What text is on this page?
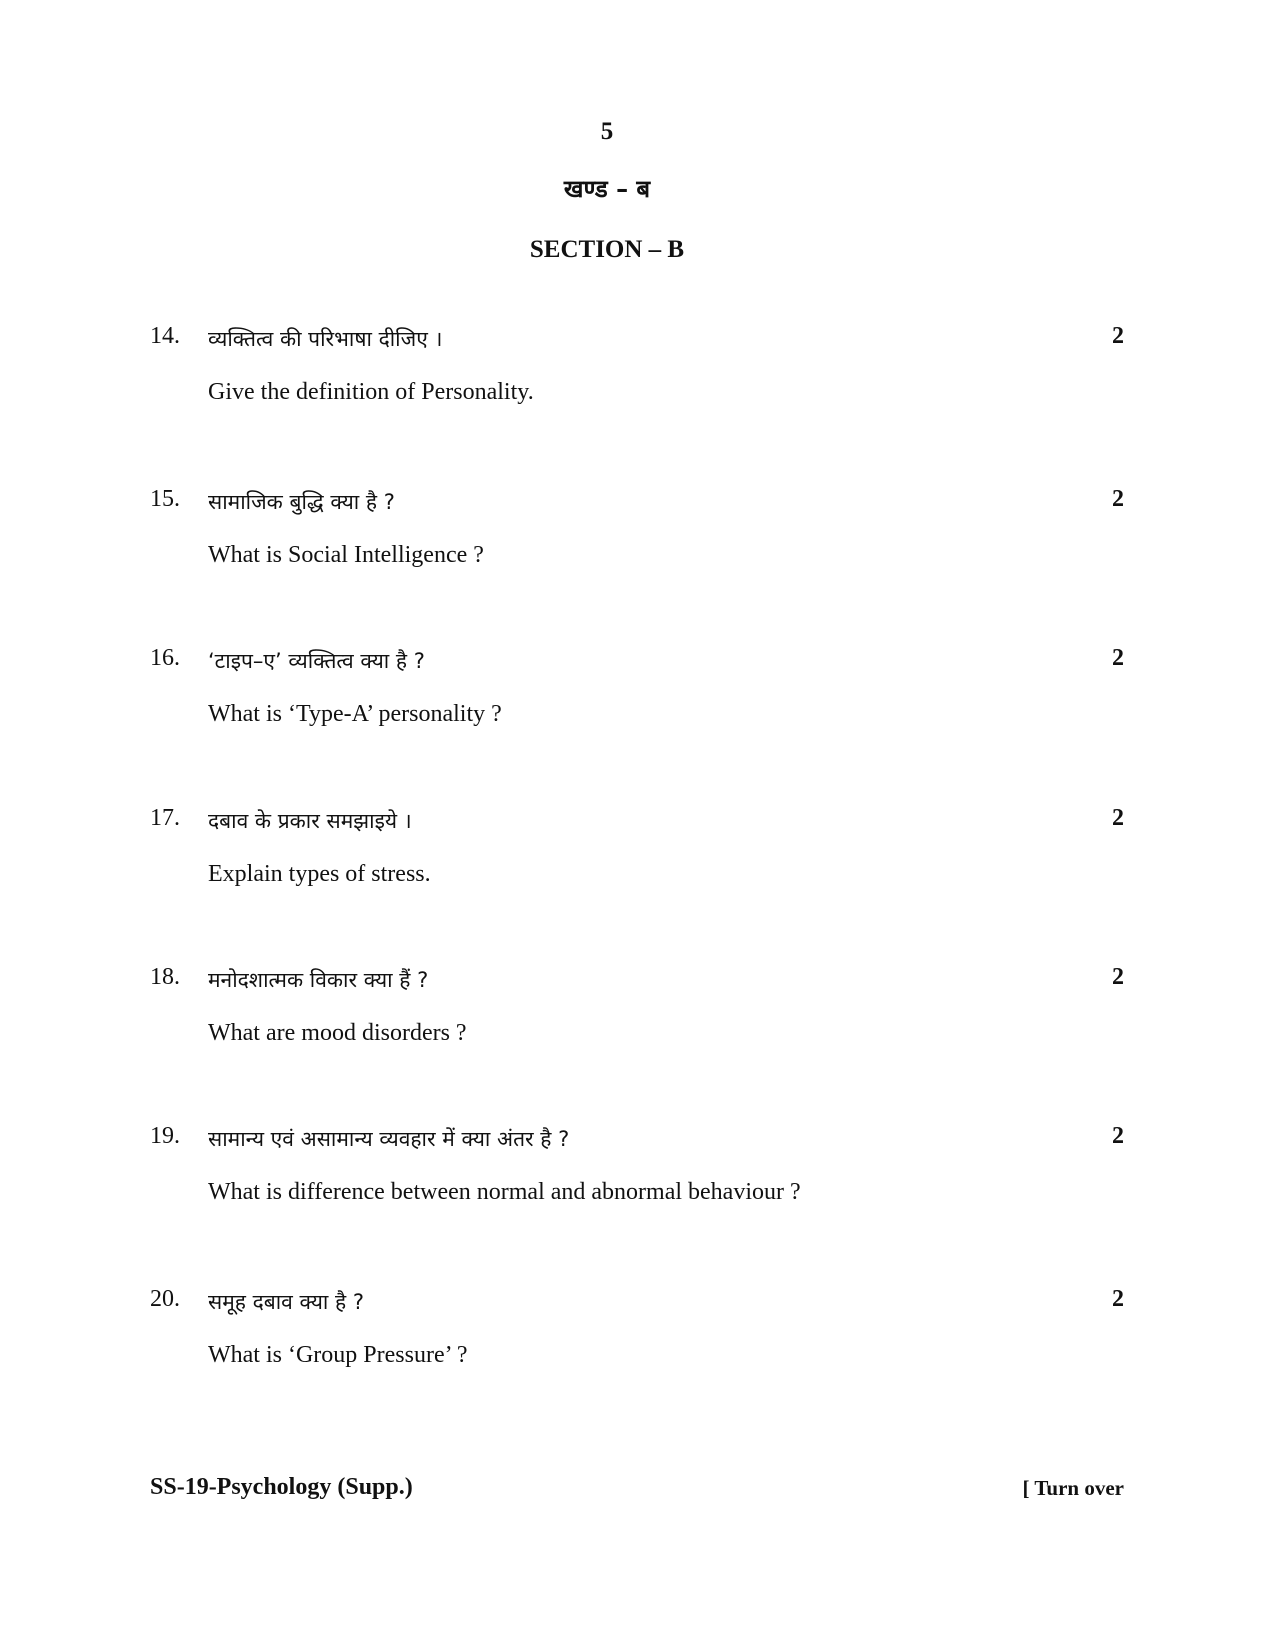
5
खण्ड – ब
SECTION – B
14. व्यक्तित्व की परिभाषा दीजिए ।	2
Give the definition of Personality.
15. सामाजिक बुद्धि क्या है ?	2
What is Social Intelligence ?
16. ‘टाइप–ए’ व्यक्तित्व क्या है ?	2
What is ‘Type-A’ personality ?
17. दबाव के प्रकार समझाइये ।	2
Explain types of stress.
18. मनोदशात्मक विकार क्या हैं ?	2
What are mood disorders ?
19. सामान्य एवं असामान्य व्यवहार में क्या अंतर है ?	2
What is difference between normal and abnormal behaviour ?
20. समूह दबाव क्या है ?	2
What is ‘Group Pressure’ ?
SS-19-Psychology (Supp.)	[ Turn over
